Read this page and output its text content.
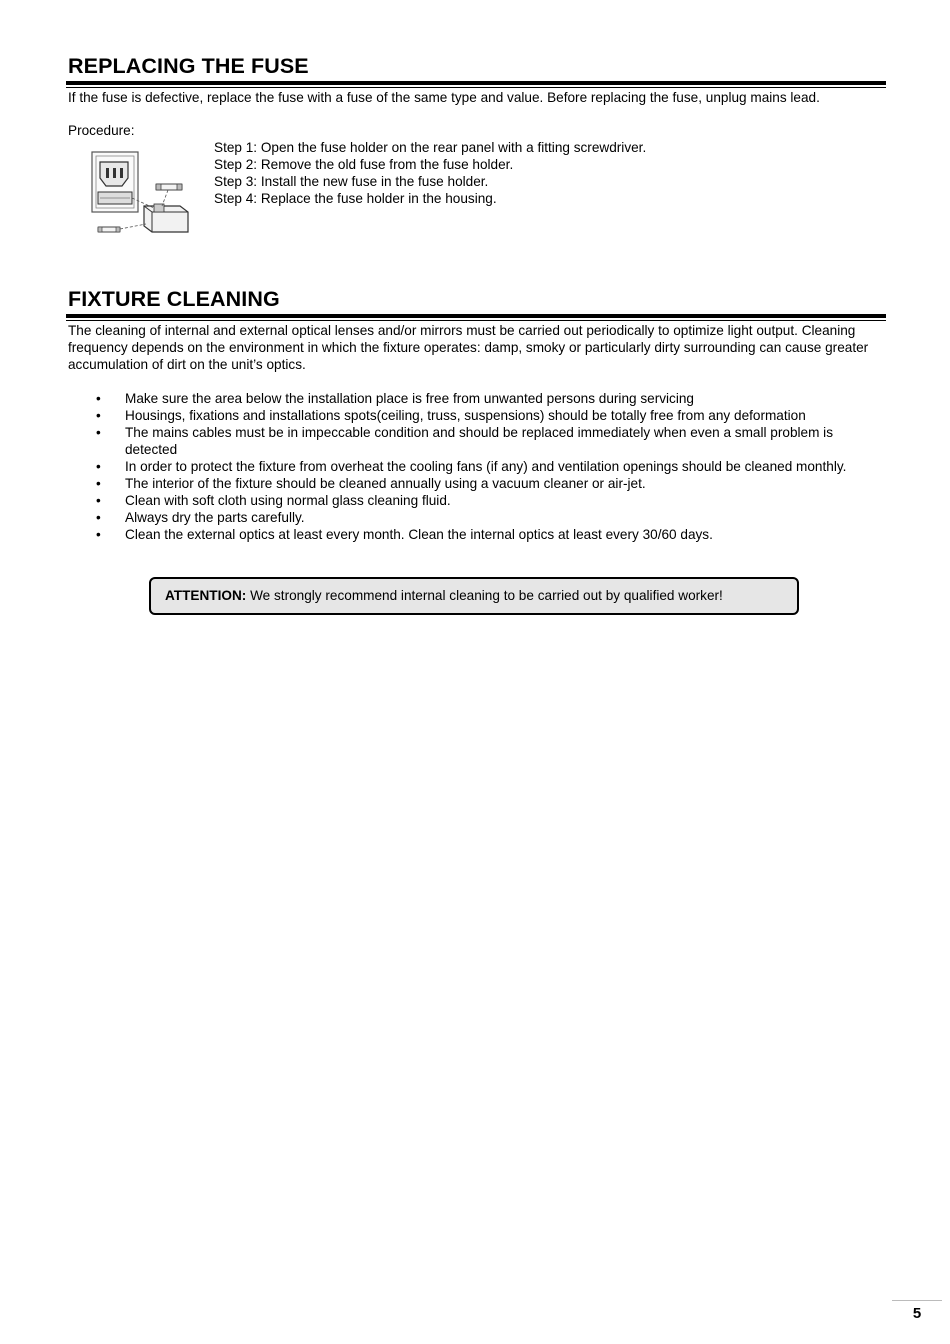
REPLACING THE FUSE

If the fuse is defective, replace the fuse with a fuse of the same type and value. Before replacing the fuse, unplug mains lead.

Procedure:

Step 1: Open the fuse holder on the rear panel with a fitting screwdriver.
Step 2: Remove the old fuse from the fuse holder.
Step 3: Install the new fuse in the fuse holder.
Step 4: Replace the fuse holder in the housing.
FIXTURE CLEANING

The cleaning of internal and external optical lenses and/or mirrors must be carried out periodically to optimize light output. Cleaning frequency depends on the environment in which the fixture operates: damp, smoky or particularly dirty surrounding can cause greater accumulation of dirt on the unit’s optics.

•	Make sure the area below the installation place is free from unwanted persons during servicing
•	Housings, fixations and installations spots(ceiling, truss, suspensions) should be totally free from any deformation
•	The mains cables must be in impeccable condition and should be replaced immediately when even a small problem is detected
•	In order to protect the fixture from overheat the cooling fans (if any) and ventilation openings should be cleaned monthly.
•	The interior of the fixture should be cleaned annually using a vacuum cleaner or air-jet.
•	Clean with soft cloth using normal glass cleaning fluid.
•	Always dry the parts carefully.
•	Clean the external optics at least every month. Clean the internal optics at least every 30/60 days.
ATTENTION: We strongly recommend internal cleaning to be carried out by qualified worker!
5
